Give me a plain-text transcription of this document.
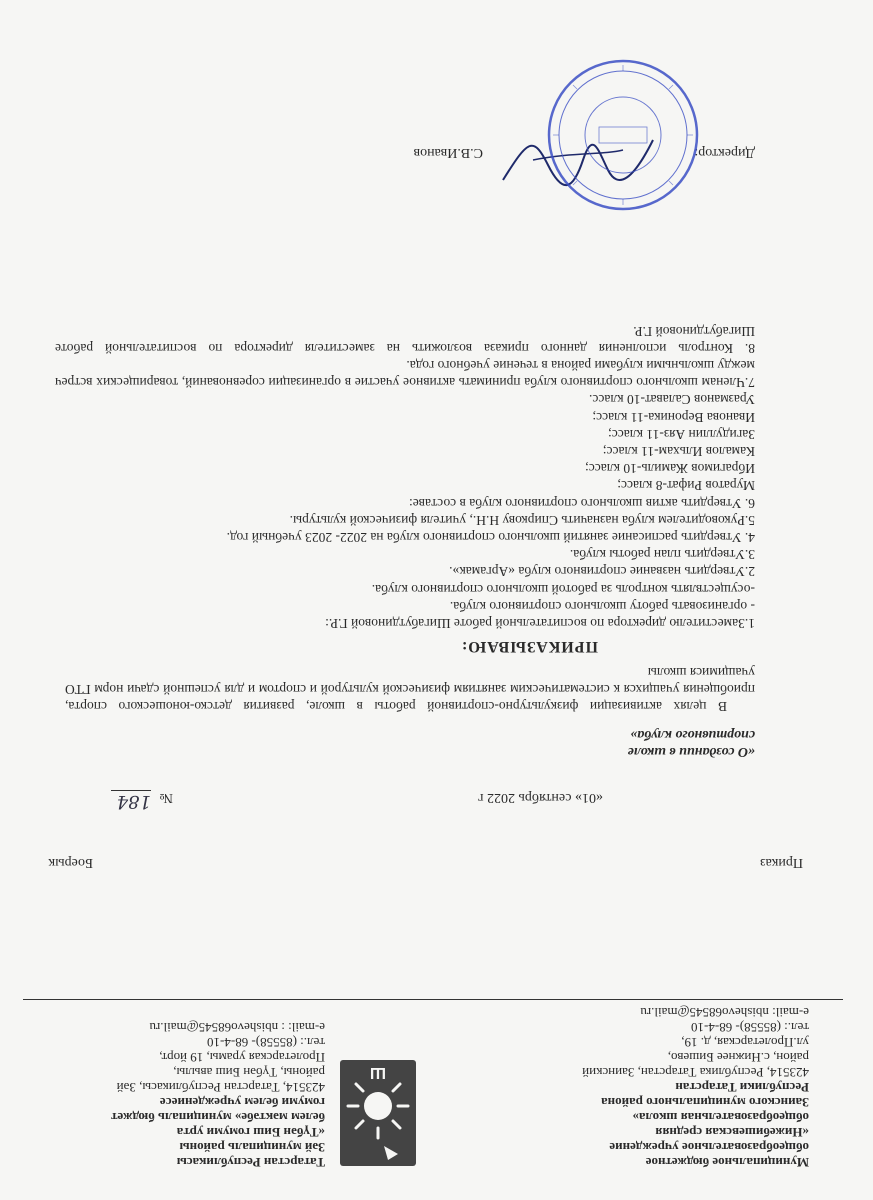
Муниципальное бюджетное
общеобразовательное учреждение
«Нижебишевская средняя
общеобразовательная школа»
Заинского муниципального района
Республики Татарстан
423514, Республика Татарстан, Заинский
район, с.Нижнее Бишево,
ул.Пролетарская, д. 19,
тел.: (85558)- 68-4-10
e-mail: nbishevo68545@mail.ru
Ш
Татарстан Республикасы
Зәй муниципаль районы
«Түбән Биш гомуми урта
белем мәктәбе» муниципаль бюджет
гомуми белем учреждениесе
423514, Татарстан Республикасы, Зәй
районы, Түбән Биш авылы,
Пролетарская урамы, 19 йорт,
тел.: (85558)- 68-4-10
e-mail: : nbishevo68545@mail.ru
Приказ
Боерык
«01» сентябрь 2022 г
№
184
«О создании в школе
спортивного клуба»
В целях активизации физкультурно-спортивной работы в школе, развития детско-юношеского спорта, приобщения учащихся к систематическим занятиям физической культурой и спортом и для успешной сдачи норм ГТО учащимися школы
ПРИКАЗЫВАЮ:
1.Заместителю директора по воспитательной работе Шигабутдиновой Г.Р.:
- организовать работу школьного спортивного клуба.
-осуществлять контроль за работой школьного спортивного клуба.
2.Утвердить название спортивного клуба «Аргамак».
3.Утвердить план работы клуба.
4. Утвердить расписание занятий школьного спортивного клуба на 2022- 2023 учебный год.
5.Руководителем клуба назначить Спиркову Н.Н., учителя физической культуры.
6. Утвердить актив школьного спортивного клуба в составе:
Муратов Рифат-8 класс;
Ибрагимов Жамиль-10 класс;
Камалов Ильхам-11 класс;
Загидуллин Аяз-11 класс;
Иванова Вероника-11 класс;
Уразманов Салават-10 класс.
7.Членам школьного спортивного клуба принимать активное участие в организации соревнований, товарищеских встреч между школьными клубами района в течение учебного года.
8. Контроль исполнения данного приказа возложить на заместителя директора по воспитательной работе Шигабутдиновой Г.Р.
Директор:
С.В.Иванов
